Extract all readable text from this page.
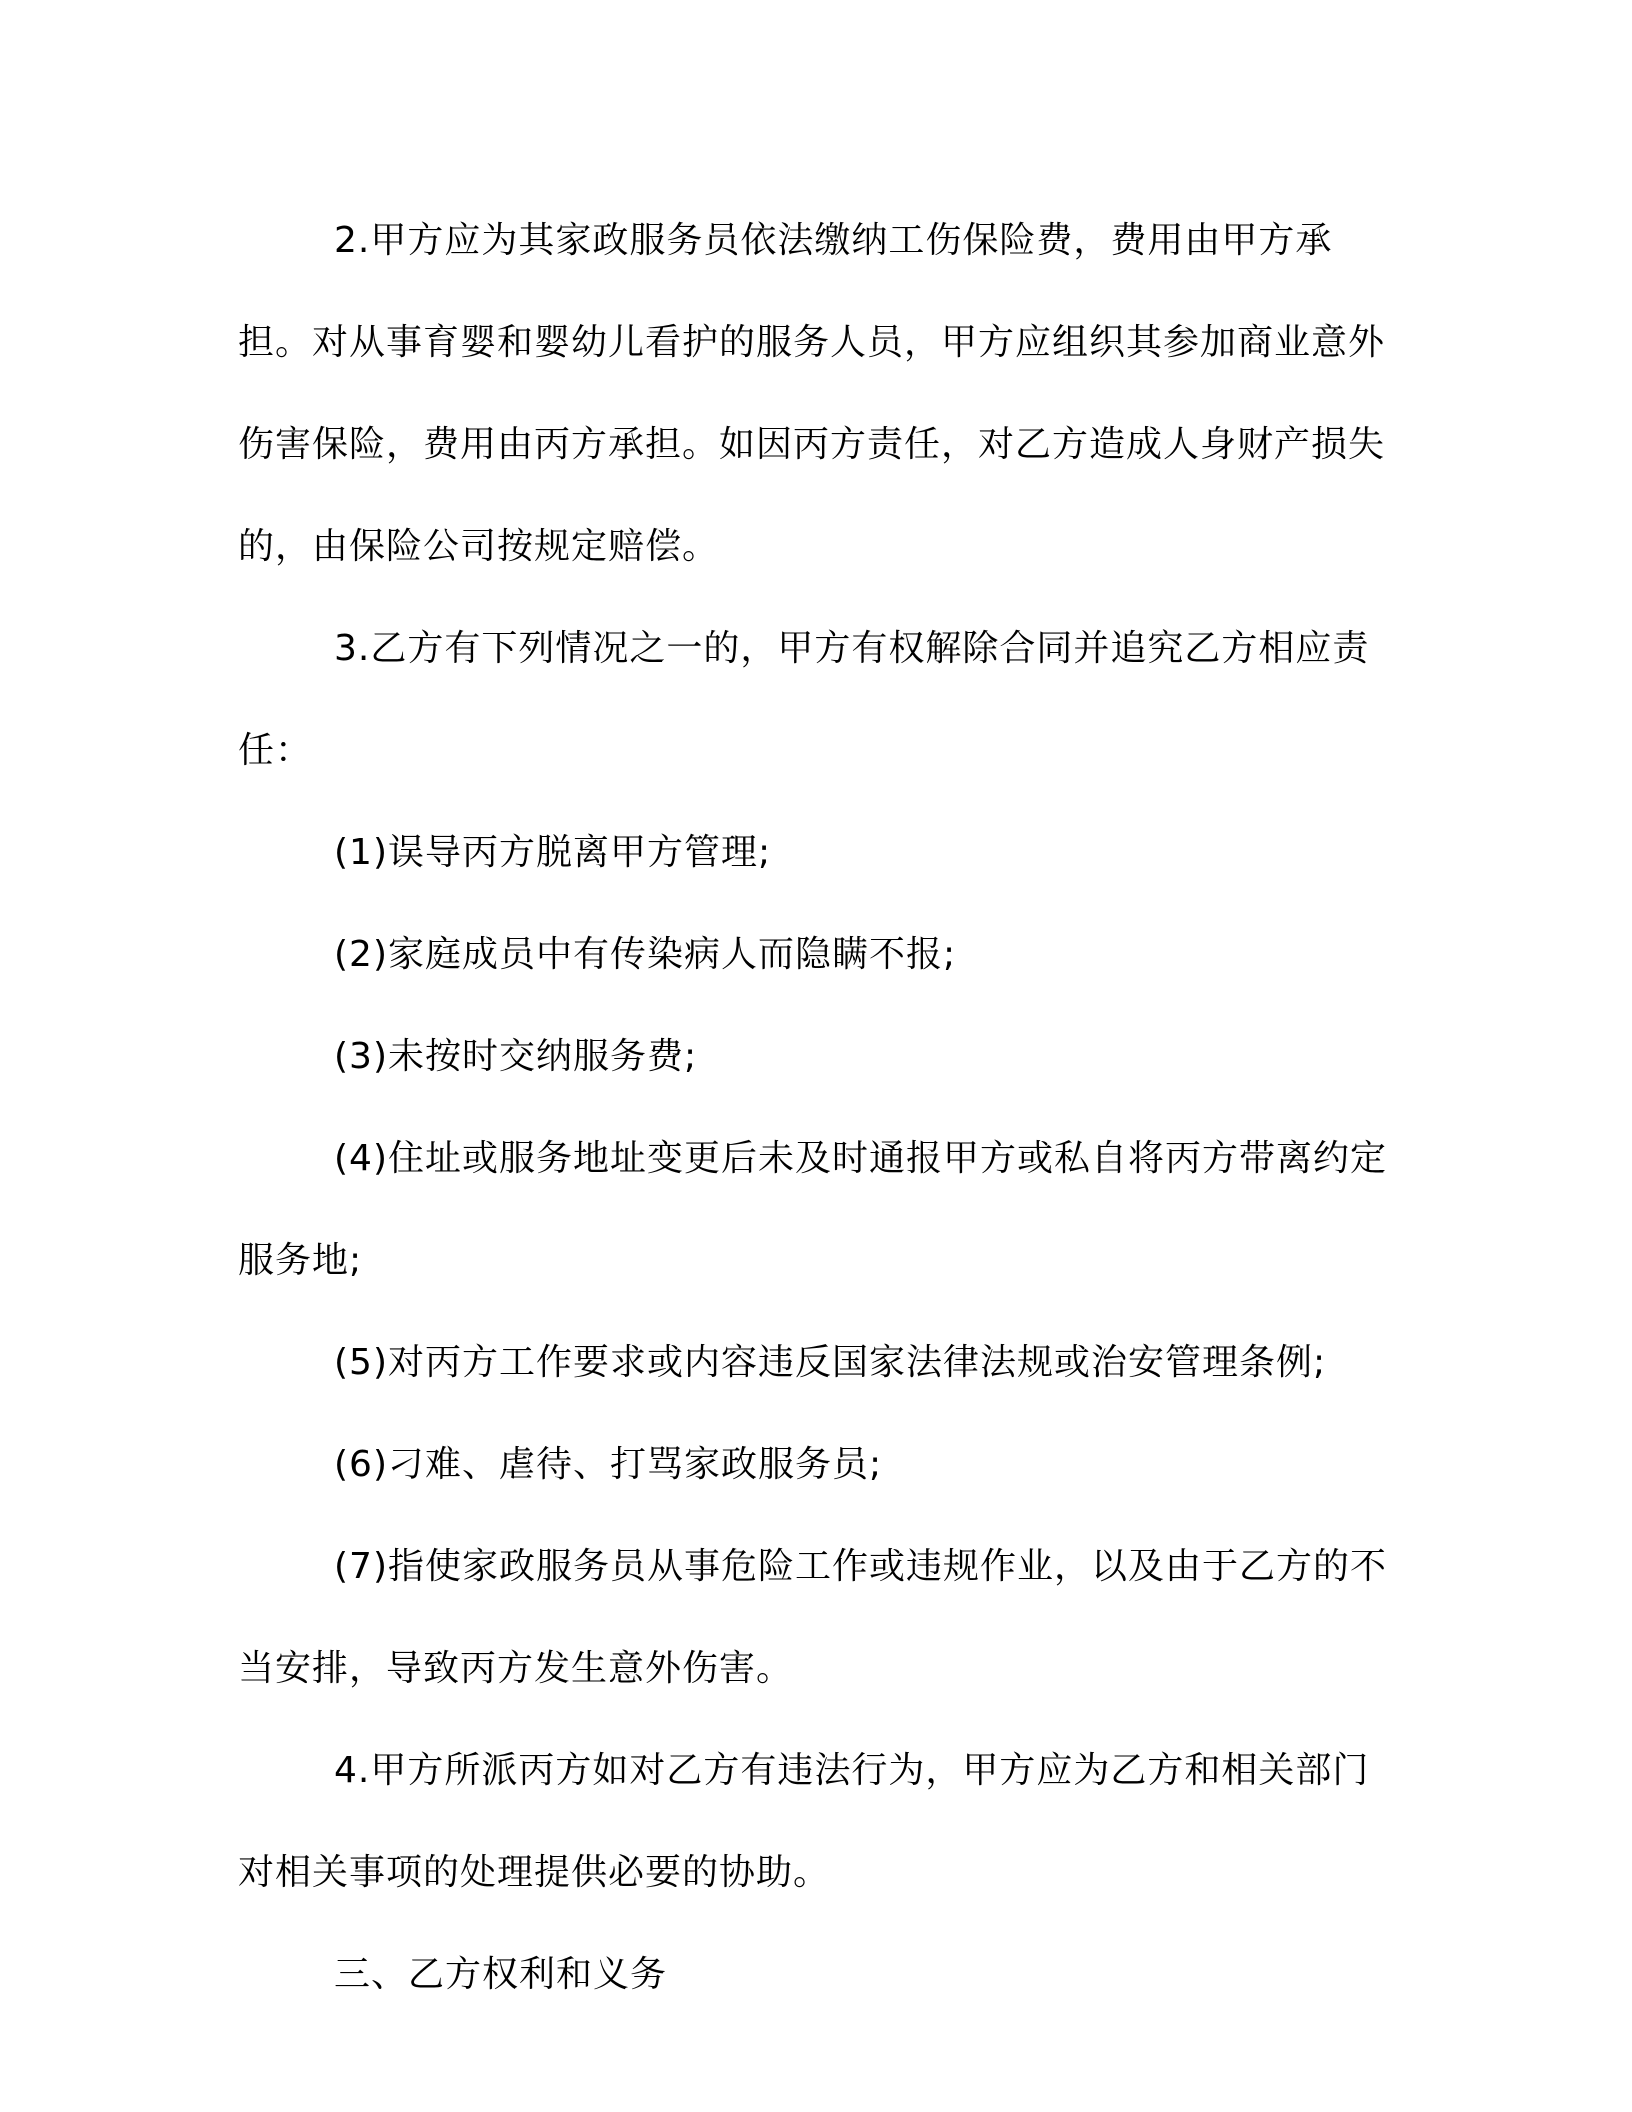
2.甲方应为其家政服务员依法缴纳工伤保险费，费用由甲方承担。对从事育婴和婴幼儿看护的服务人员，甲方应组织其参加商业意外伤害保险，费用由丙方承担。如因丙方责任，对乙方造成人身财产损失的，由保险公司按规定赔偿。

3.乙方有下列情况之一的，甲方有权解除合同并追究乙方相应责任：

(1)误导丙方脱离甲方管理;

(2)家庭成员中有传染病人而隐瞒不报;

(3)未按时交纳服务费;

(4)住址或服务地址变更后未及时通报甲方或私自将丙方带离约定服务地;

(5)对丙方工作要求或内容违反国家法律法规或治安管理条例;

(6)刁难、虐待、打骂家政服务员;

(7)指使家政服务员从事危险工作或违规作业，以及由于乙方的不当安排，导致丙方发生意外伤害。

4.甲方所派丙方如对乙方有违法行为，甲方应为乙方和相关部门对相关事项的处理提供必要的协助。

三、乙方权利和义务
